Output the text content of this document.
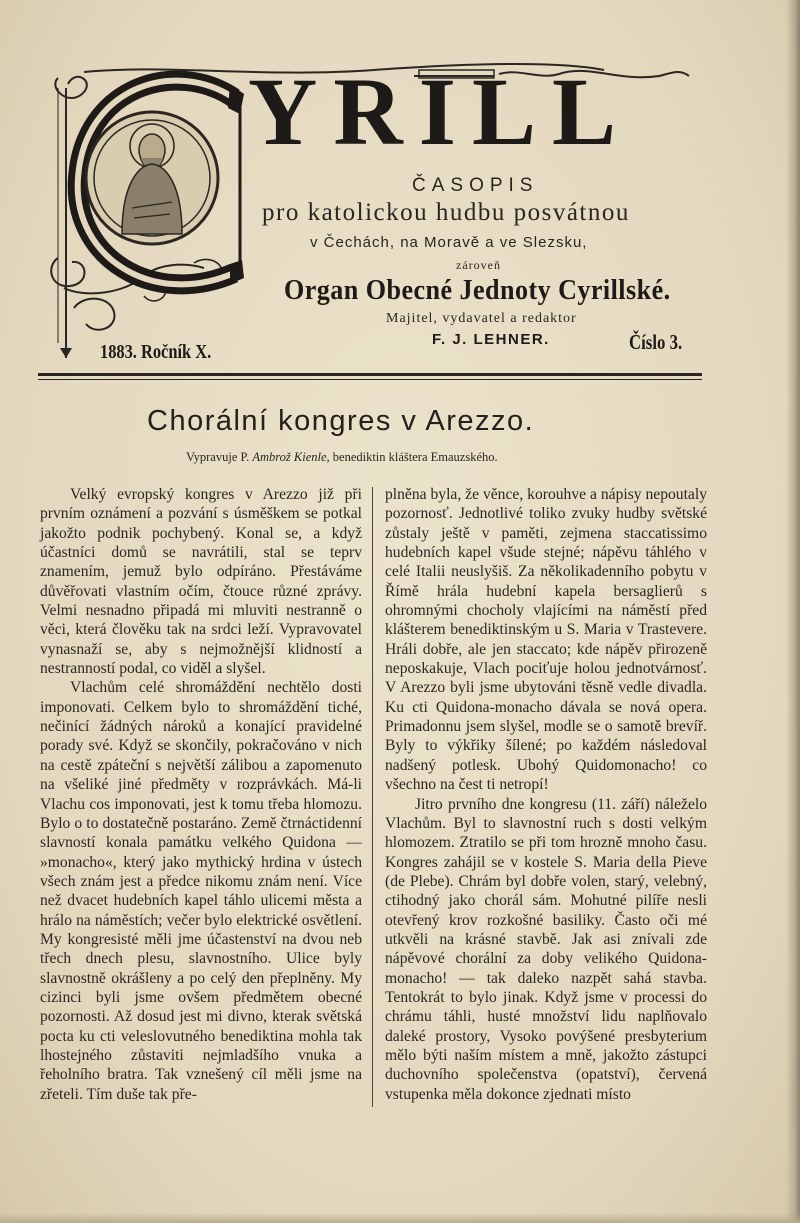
YRILL
ČASOPIS
pro katolickou hudbu posvátnou
v Čechách, na Moravě a ve Slezsku,
zároveň
Organ Obecné Jednoty Cyrillské.
Majitel, vydavatel a redaktor
F. J. LEHNER.
1883. Ročník X.	Číslo 3.
Chorální kongres v Arezzo.
Vypravuje P. Ambrož Kienle, benediktin kláštera Emauzského.

Velký evropský kongres v Arezzo již při prvním oznámení a pozvání s úsměškem se potkal jakožto podnik pochybený. Konal se, a když účastníci domů se navrátili, stal se teprv znamením, jemuž bylo odpíráno. Přestáváme důvěřovati vlastním očím, čtouce různé zprávy. Velmi nesnadno připadá mi mluviti nestranně o věci, která člověku tak na srdci leží. Vypravovatel vynasnaží se, aby s nejmožnější klidností a nestranností podal, co viděl a slyšel.

Vlachům celé shromáždění nechtělo dosti imponovati. Celkem bylo to shromáždění tiché, nečinící žádných nároků a konající pravidelné porady své. Když se skončily, pokračováno v nich na cestě zpáteční s největší zálibou a zapomenuto na všeliké jiné předměty v rozprávkách. Má-li Vlachu cos imponovati, jest k tomu třeba hlomozu. Bylo o to dostatečně postaráno. Země čtrnáctidenní slavností konala památku velkého Quidona — »monacho«, který jako mythický hrdina v ústech všech znám jest a předce nikomu znám není. Více než dvacet hudebních kapel táhlo ulicemi města a hrálo na náměstích; večer bylo elektrické osvětlení. My kongresisté měli jme účastenství na dvou neb třech dnech plesu, slavnostního. Ulice byly slavnostně okrášleny a po celý den přeplněny. My cizinci byli jsme ovšem předmětem obecné pozornosti. Až dosud jest mi divno, kterak světská pocta ku cti veleslovutného benediktina mohla tak lhostejného zůstaviti nejmladšího vnuka a řeholního bratra. Tak vznešený cíl měli jsme na zřeteli. Tím duše tak pře-

plněna byla, že věnce, korouhve a nápisy nepoutaly pozornosť. Jednotlivé toliko zvuky hudby světské zůstaly ještě v paměti, zejmena staccatissimo hudebních kapel všude stejné; nápěvu táhlého v celé Italii neuslyšiš. Za několikadenního pobytu v Římě hrála hudební kapela bersaglierů s ohromnými chocholy vlajícími na náměstí před klášterem benediktinským u S. Maria v Trastevere. Hráli dobře, ale jen staccato; kde nápěv přirozeně neposkakuje, Vlach pociťuje holou jednotvárnosť. V Arezzo byli jsme ubytováni těsně vedle divadla. Ku cti Quidona-monacho dávala se nová opera. Primadonnu jsem slyšel, modle se o samotě brevíř. Byly to výkřiky šílené; po každém následoval nadšený potlesk. Ubohý Quidomonacho! co všechno na čest ti netropí!

Jitro prvního dne kongresu (11. září) náleželo Vlachům. Byl to slavnostní ruch s dosti velkým hlomozem. Ztratilo se při tom hrozně mnoho času. Kongres zahájil se v kostele S. Maria della Pieve (de Plebe). Chrám byl dobře volen, starý, velebný, ctihodný jako chorál sám. Mohutné pilíře nesli otevřený krov rozkošné basiliky. Často oči mé utkvěli na krásné stavbě. Jak asi znívali zde nápěvové chorální za doby velikého Quidona-monacho! — tak daleko nazpět sahá stavba. Tentokrát to bylo jinak. Když jsme v processi do chrámu táhli, husté množství lidu naplňovalo daleké prostory, Vysoko povýšené presbyterium mělo býti naším místem a mně, jakožto zástupci duchovního společenstva (opatství), červená vstupenka měla dokonce zjednati místo
